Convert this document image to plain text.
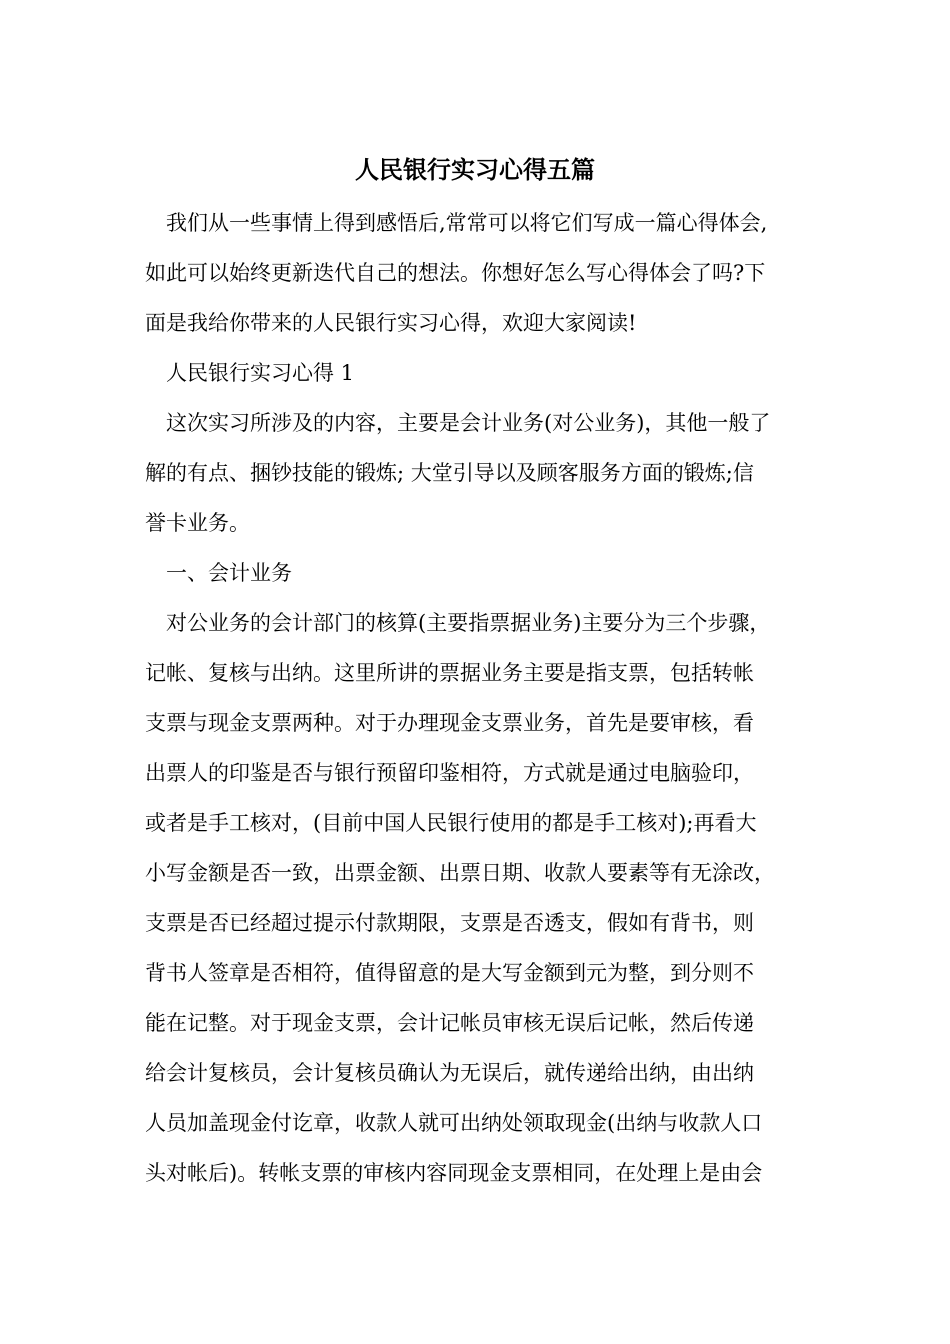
人民银行实习心得五篇

我们从一些事情上得到感悟后,常常可以将它们写成一篇心得体会,
如此可以始终更新迭代自己的想法。你想好怎么写心得体会了吗?下
面是我给你带来的人民银行实习心得，欢迎大家阅读!

人民银行实习心得 1

这次实习所涉及的内容，主要是会计业务(对公业务)，其他一般了
解的有点、捆钞技能的锻炼; 大堂引导以及顾客服务方面的锻炼;信
誉卡业务。

一、会计业务

对公业务的会计部门的核算(主要指票据业务)主要分为三个步骤，
记帐、复核与出纳。这里所讲的票据业务主要是指支票，包括转帐
支票与现金支票两种。对于办理现金支票业务，首先是要审核，看
出票人的印鉴是否与银行预留印鉴相符，方式就是通过电脑验印，
或者是手工核对，(目前中国人民银行使用的都是手工核对);再看大
小写金额是否一致，出票金额、出票日期、收款人要素等有无涂改，
支票是否已经超过提示付款期限，支票是否透支，假如有背书，则
背书人签章是否相符，值得留意的是大写金额到元为整，到分则不
能在记整。对于现金支票，会计记帐员审核无误后记帐，然后传递
给会计复核员，会计复核员确认为无误后，就传递给出纳，由出纳
人员加盖现金付讫章，收款人就可出纳处领取现金(出纳与收款人口
头对帐后)。转帐支票的审核内容同现金支票相同，在处理上是由会
